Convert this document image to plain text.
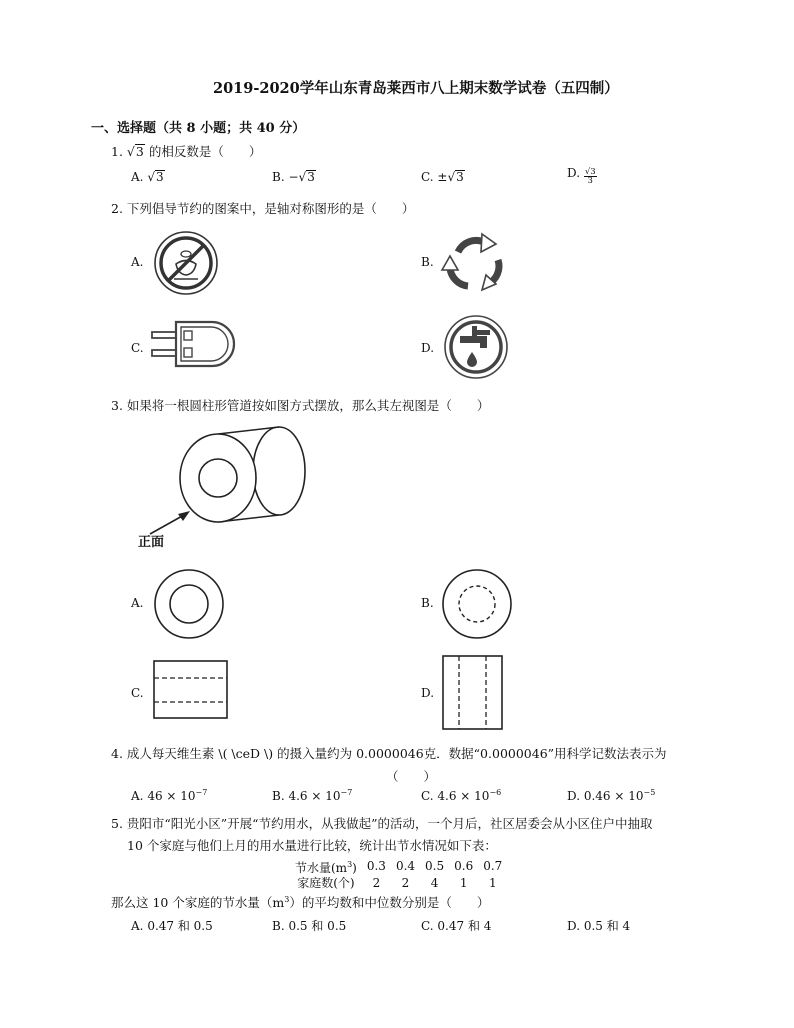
2019-2020学年山东青岛莱西市八上期末数学试卷（五四制）
一、选择题（共 8 小题；共 40 分）
1. √3 的相反数是（　　）
A. √3	B. −√3	C. ±√3	D. $\frac{√3}{3}$
2. 下列倡导节约的图案中，是轴对称图形的是（　　）
A.	B.
C.	D.
3. 如果将一根圆柱形管道按如图方式摆放，那么其左视图是（　　）
正面
A.	B.
C.	D.
4. 成人每天维生素 \( \ceD \) 的摄入量约为 0.0000046克．数据“0.0000046”用科学记数法表示为
（　　）
A. $46 \times 10^{-7}$	B. $4.6 \times 10^{-7}$	C. $4.6 \times 10^{-6}$	D. $0.46 \times 10^{-5}$
5. 贵阳市“阳光小区”开展“节约用水，从我做起”的活动，一个月后，社区居委会从小区住户中抽取
10 个家庭与他们上月的用水量进行比较，统计出节水情况如下表：
节水量$(m^3)$	0.3	0.4	0.5	0.6	0.7
家庭数(个)	2	2	4	1	1
那么这 10 个家庭的节水量$(m^3)$的平均数和中位数分别是（　　）
A. 0.47 和 0.5	B. 0.5 和 0.5	C. 0.47 和 4	D. 0.5 和 4
